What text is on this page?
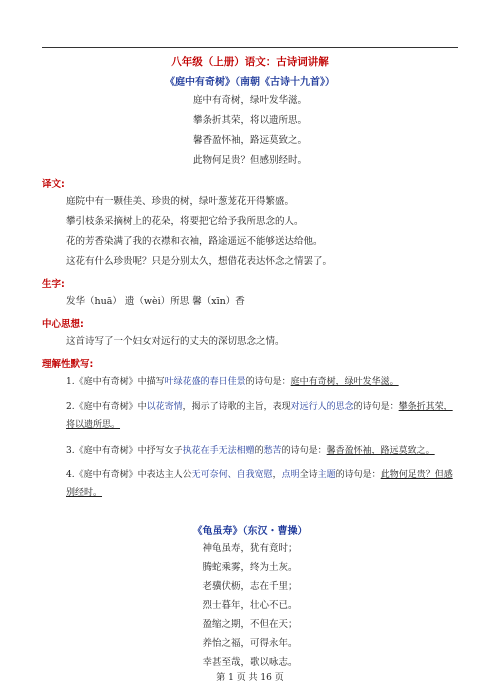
八年级（上册）语文：古诗词讲解
《庭中有奇树》（南朝《古诗十九首》）
庭中有奇树，绿叶发华滋。
攀条折其荣，将以遗所思。
馨香盈怀袖，路远莫致之。
此物何足贵？但感别经时。
译文:
庭院中有一颗佳美、珍贵的树，绿叶葱茏花开得繁盛。
攀引枝条采摘树上的花朵，将要把它给予我所思念的人。
花的芳香染满了我的衣襟和衣袖，路途遥远不能够送达给他。
这花有什么珍贵呢？只是分别太久，想借花表达怀念之情罢了。
生字:
发华（huā） 遗（wèi）所思 馨（xīn）香
中心思想:
这首诗写了一个妇女对远行的丈夫的深切思念之情。
理解性默写:
1.《庭中有奇树》中描写叶绿花盛的春日佳景的诗句是：庭中有奇树，绿叶发华滋。
2.《庭中有奇树》中以花寄情，揭示了诗歌的主旨，表现对远行人的思念的诗句是：攀条折其荣，将以遗所思。
3.《庭中有奇树》中抒写女子执花在手无法相赠的愁苦的诗句是：馨香盈怀袖，路远莫致之。
4.《庭中有奇树》中表达主人公无可奈何、自我宽慰，点明全诗主题的诗句是：此物何足贵？但感别经时。
《龟虽寿》（东汉・曹操）
神龟虽寿，犹有竟时；
腾蛇乘雾，终为土灰。
老骥伏枥，志在千里；
烈士暮年，壮心不已。
盈缩之期，不但在天；
养怡之福，可得永年。
幸甚至哉，歌以咏志。
第 1 页 共 16 页
